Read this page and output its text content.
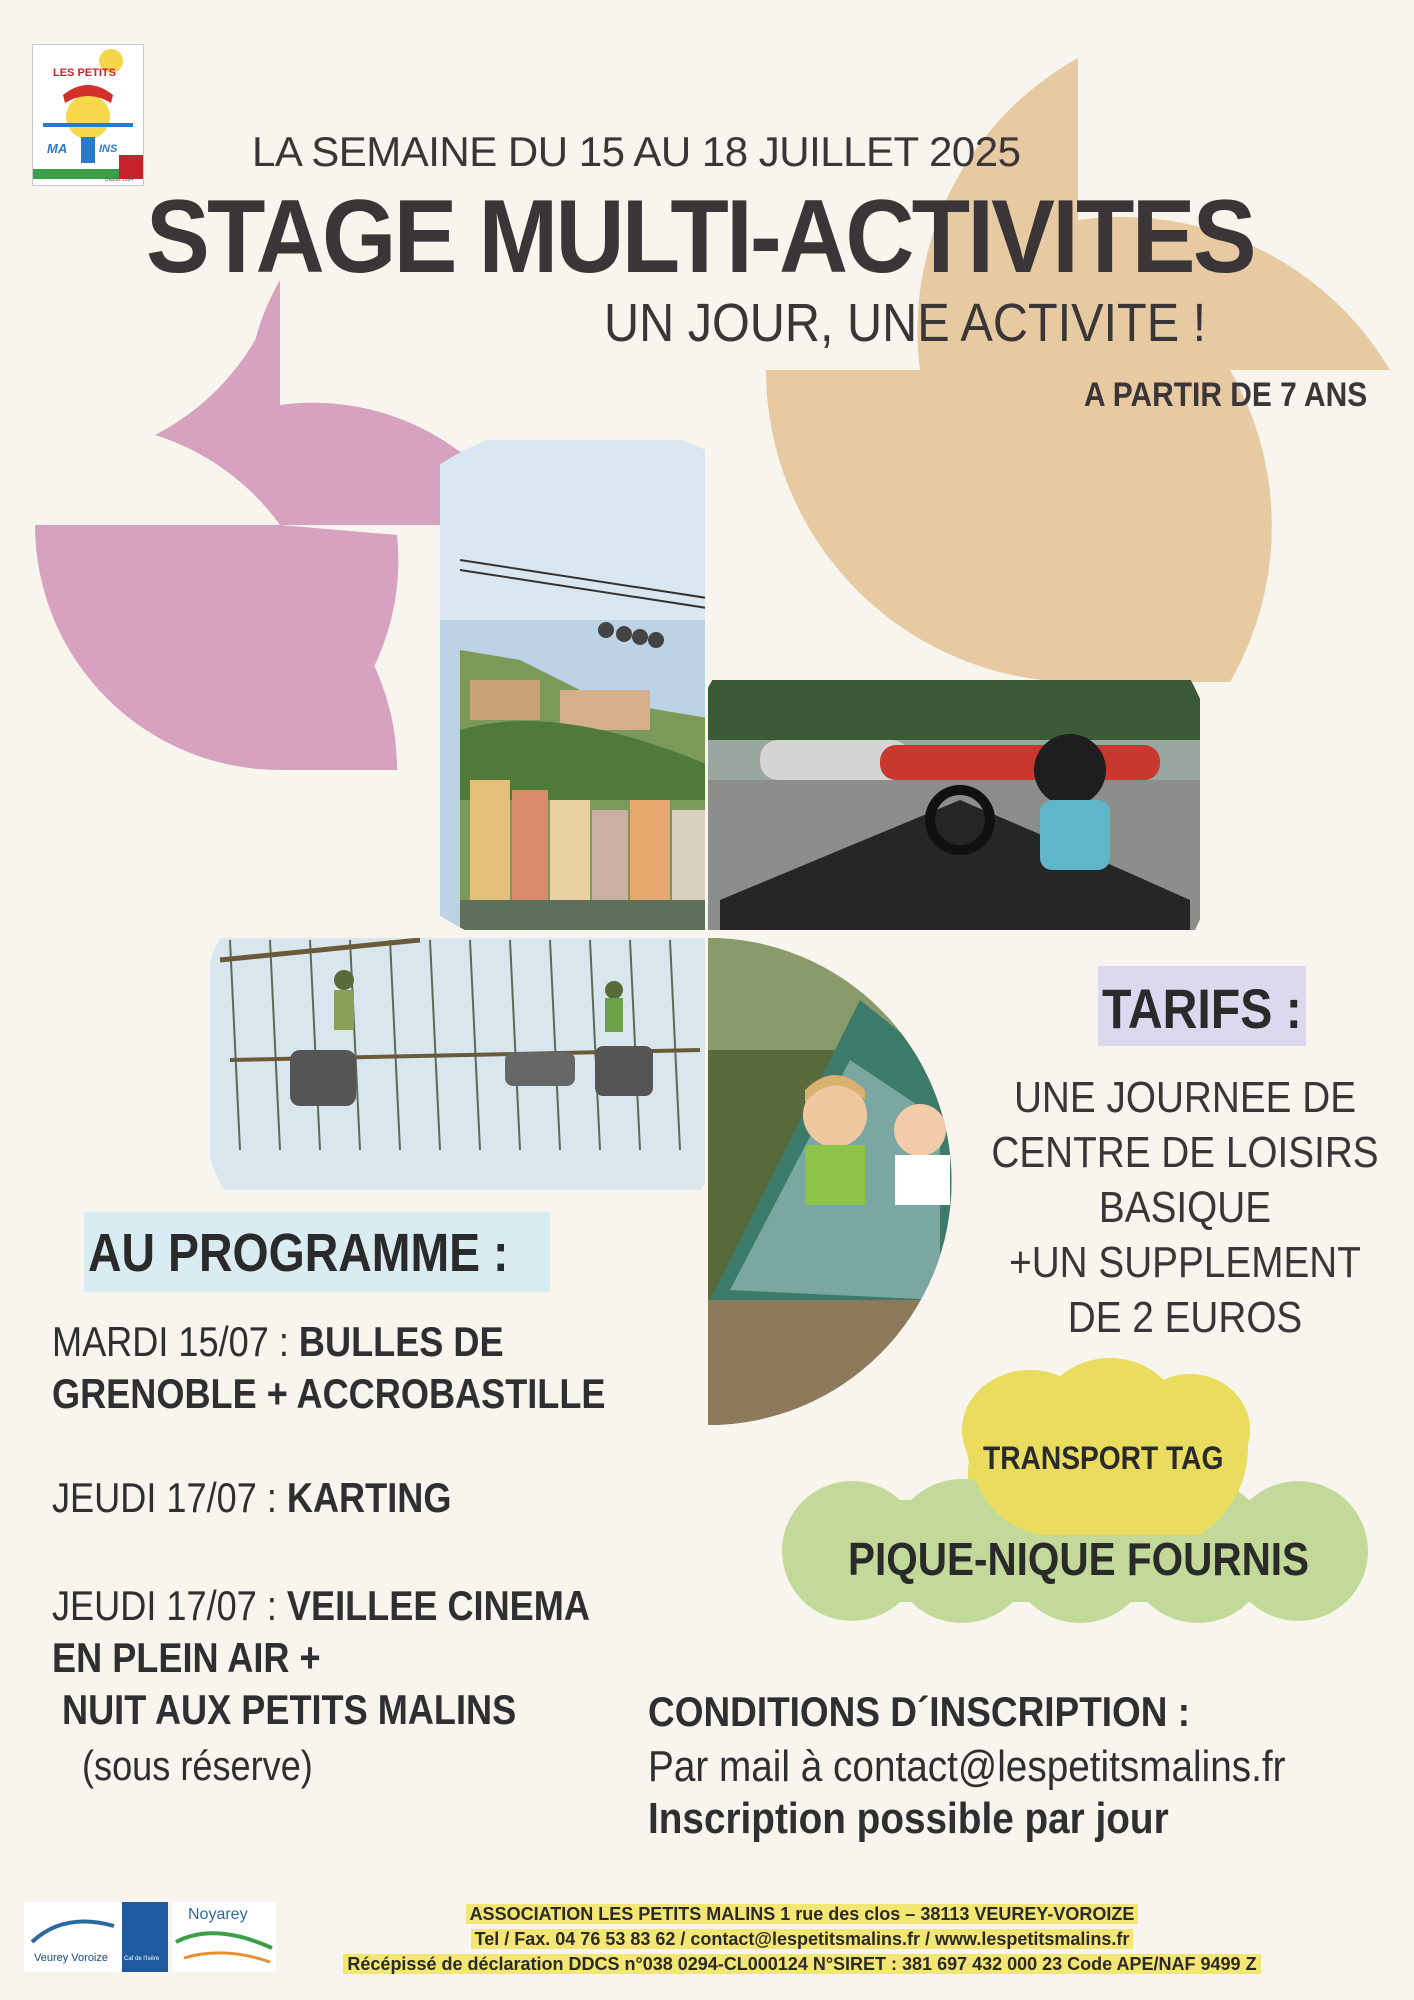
LES PETITS
MA	INS
Depuis 1994
LA SEMAINE DU 15 AU 18 JUILLET 2025
STAGE MULTI-ACTIVITES
UN JOUR, UNE ACTIVITE !
A PARTIR DE 7 ANS
AU PROGRAMME :
MARDI 15/07 : BULLES DE
GRENOBLE + ACCROBASTILLE
JEUDI 17/07 : KARTING
JEUDI 17/07 : VEILLEE CINEMA
EN PLEIN AIR +
NUIT AUX PETITS MALINS
(sous réserve)
TARIFS :
UNE JOURNEE DE
CENTRE DE LOISIRS
BASIQUE
+UN SUPPLEMENT
DE 2 EUROS
TRANSPORT TAG
PIQUE-NIQUE FOURNIS
CONDITIONS D´INSCRIPTION :
Par mail à contact@lespetitsmalins.fr
Inscription possible par jour
Veurey Voroize	Caf de l'Isère
Noyarey	ASSOCIATION LES PETITS MALINS 1 rue des clos – 38113 VEUREY-VOROIZE
Tel / Fax. 04 76 53 83 62 / contact@lespetitsmalins.fr / www.lespetitsmalins.fr
Récépissé de déclaration DDCS n°038 0294-CL000124 N°SIRET : 381 697 432 000 23 Code APE/NAF 9499 Z
